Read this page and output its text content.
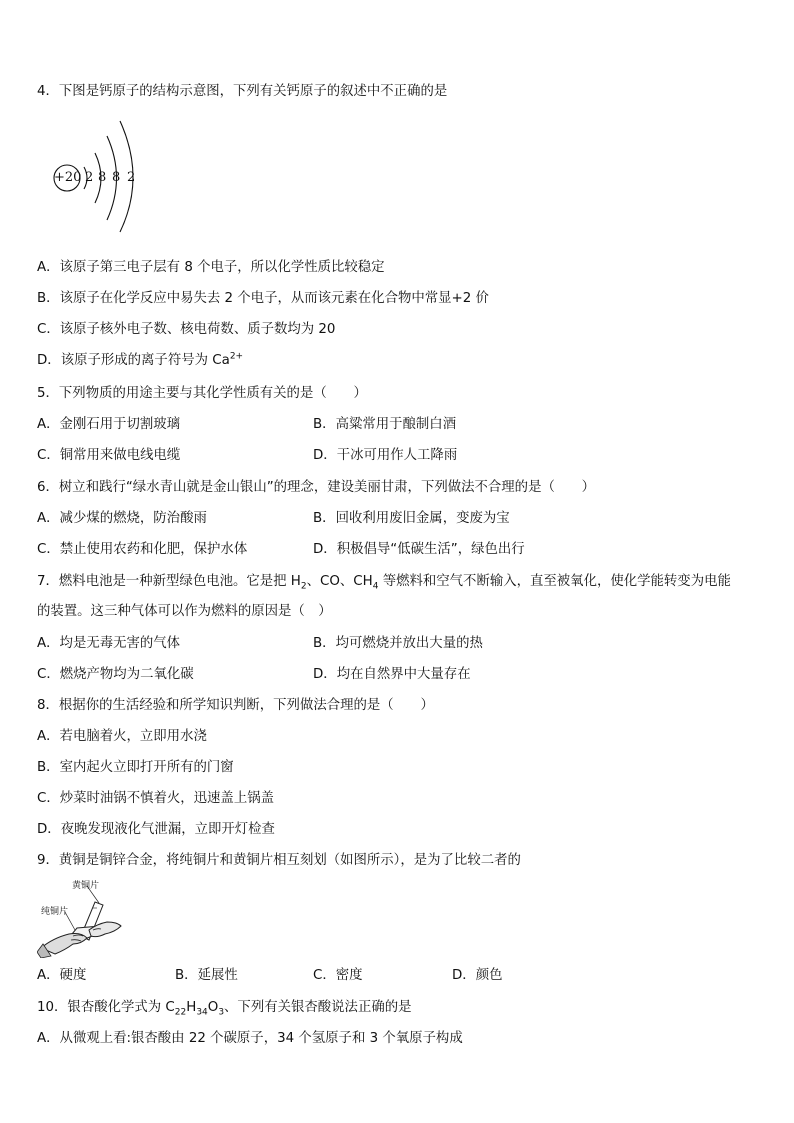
4．下图是钙原子的结构示意图，下列有关钙原子的叙述中不正确的是
+20 2 8 8 2
A．该原子第三电子层有 8 个电子，所以化学性质比较稳定
B．该原子在化学反应中易失去 2 个电子，从而该元素在化合物中常显+2 价
C．该原子核外电子数、核电荷数、质子数均为 20
D．该原子形成的离子符号为 $Ca^{2+}$
5．下列物质的用途主要与其化学性质有关的是（　　）
A．金刚石用于切割玻璃	B．高粱常用于酿制白酒
C．铜常用来做电线电缆	D．干冰可用作人工降雨
6．树立和践行“绿水青山就是金山银山”的理念，建设美丽甘肃，下列做法不合理的是（　　）
A．减少煤的燃烧，防治酸雨	B．回收利用废旧金属，变废为宝
C．禁止使用农药和化肥，保护水体	D．积极倡导“低碳生活”，绿色出行
7．燃料电池是一种新型绿色电池。它是把 $H_2$、CO、$CH_4$ 等燃料和空气不断输入，直至被氧化，使化学能转变为电能
的装置。这三种气体可以作为燃料的原因是（　）
A．均是无毒无害的气体	B．均可燃烧并放出大量的热
C．燃烧产物均为二氧化碳	D．均在自然界中大量存在
8．根据你的生活经验和所学知识判断，下列做法合理的是（　　）
A．若电脑着火，立即用水浇
B．室内起火立即打开所有的门窗
C．炒菜时油锅不慎着火，迅速盖上锅盖
D．夜晚发现液化气泄漏，立即开灯检查
9．黄铜是铜锌合金，将纯铜片和黄铜片相互刻划（如图所示），是为了比较二者的
黄铜片
纯铜片
A．硬度	B．延展性	C．密度	D．颜色
10．银杏酸化学式为 $C_{22}H_{34}O_3$、下列有关银杏酸说法正确的是
A．从微观上看:银杏酸由 22 个碳原子，34 个氢原子和 3 个氧原子构成
